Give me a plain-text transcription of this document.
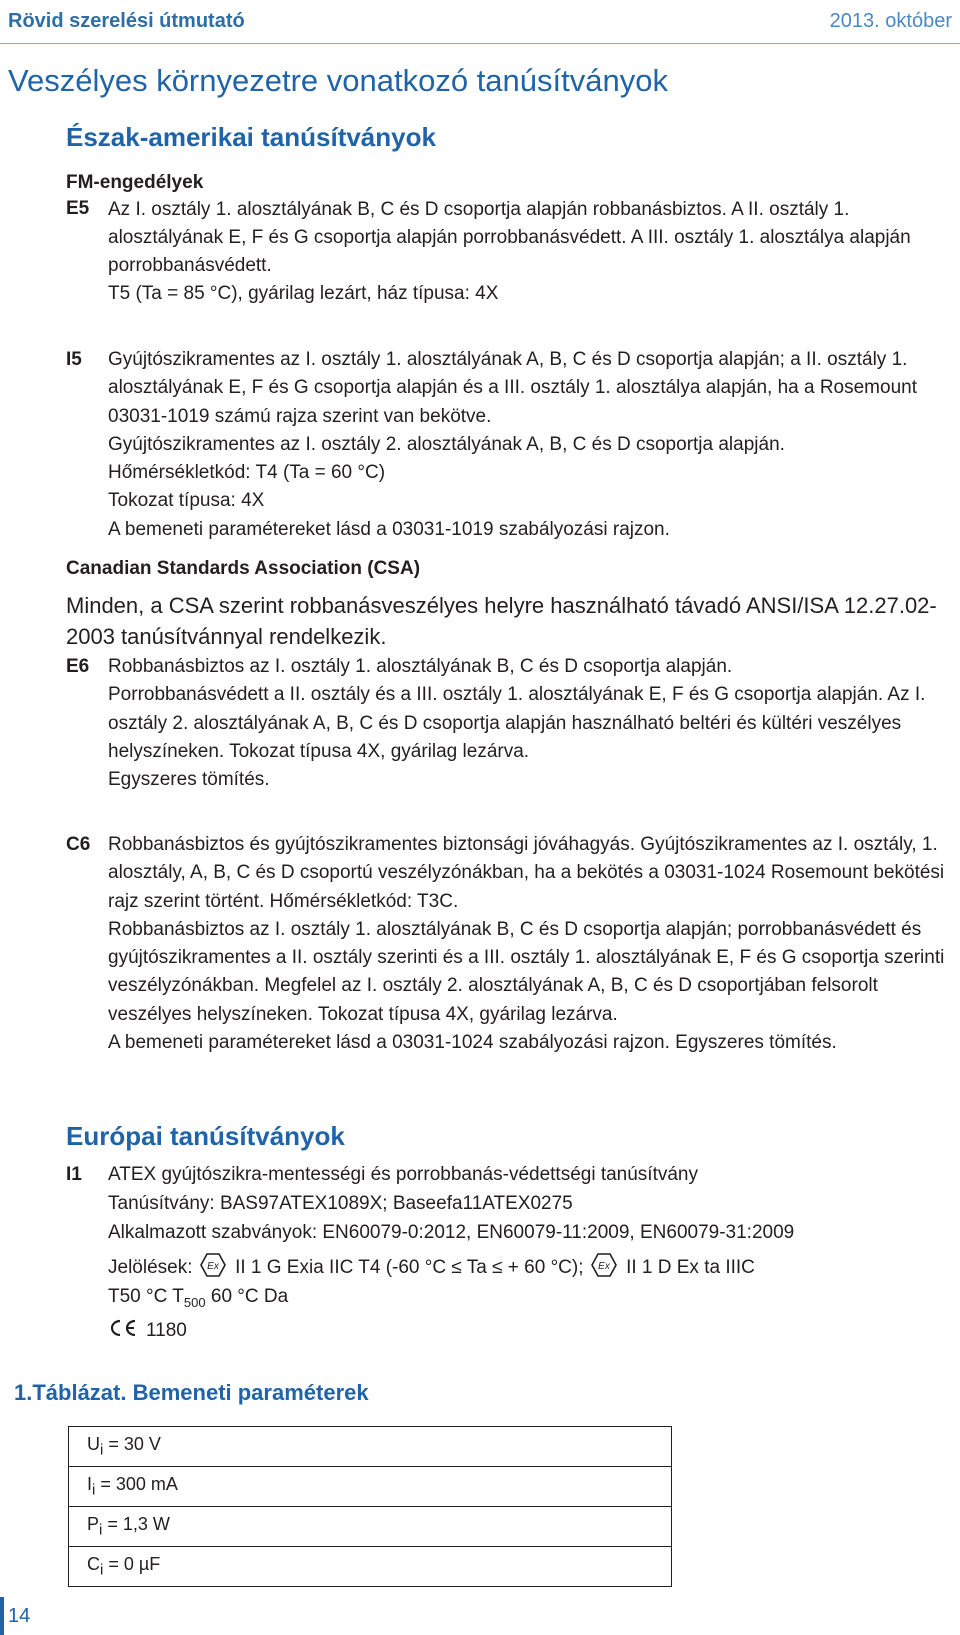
Rövid szerelési útmutató	2013. október
Veszélyes környezetre vonatkozó tanúsítványok
Észak-amerikai tanúsítványok
FM-engedélyek
E5 Az I. osztály 1. alosztályának B, C és D csoportja alapján robbanásbiztos. A II. osztály 1. alosztályának E, F és G csoportja alapján porrobbanásvédett. A III. osztály 1. alosztálya alapján porrobbanásvédett.
T5 (Ta = 85 °C), gyárilag lezárt, ház típusa: 4X
I5 Gyújtószikramentes az I. osztály 1. alosztályának A, B, C és D csoportja alapján; a II. osztály 1. alosztályának E, F és G csoportja alapján és a III. osztály 1. alosztálya alapján, ha a Rosemount 03031-1019 számú rajza szerint van bekötve.
Gyújtószikramentes az I. osztály 2. alosztályának A, B, C és D csoportja alapján.
Hőmérsékletkód: T4 (Ta = 60 °C)
Tokozat típusa: 4X
A bemeneti paramétereket lásd a 03031-1019 szabályozási rajzon.
Canadian Standards Association (CSA)
Minden, a CSA szerint robbanásveszélyes helyre használható távadó ANSI/ISA 12.27.02-2003 tanúsítvánnyal rendelkezik.
E6 Robbanásbiztos az I. osztály 1. alosztályának B, C és D csoportja alapján.
Porrobbanásvédett a II. osztály és a III. osztály 1. alosztályának E, F és G csoportja alapján. Az I. osztály 2. alosztályának A, B, C és D csoportja alapján használható beltéri és kültéri veszélyes helyszíneken. Tokozat típusa 4X, gyárilag lezárva.
Egyszeres tömítés.
C6 Robbanásbiztos és gyújtószikramentes biztonsági jóváhagyás. Gyújtószikramentes az I. osztály, 1. alosztály, A, B, C és D csoportú veszélyzónákban, ha a bekötés a 03031-1024 Rosemount bekötési rajz szerint történt. Hőmérsékletkód: T3C.
Robbanásbiztos az I. osztály 1. alosztályának B, C és D csoportja alapján; porrobbanásvédett és gyújtószikramentes a II. osztály szerinti és a III. osztály 1. alosztályának E, F és G csoportja szerinti veszélyzónákban. Megfelel az I. osztály 2. alosztályának A, B, C és D csoportjában felsorolt veszélyes helyszíneken. Tokozat típusa 4X, gyárilag lezárva.
A bemeneti paramétereket lásd a 03031-1024 szabályozási rajzon. Egyszeres tömítés.
Európai tanúsítványok
I1 ATEX gyújtószikra-mentességi és porrobbanás-védettségi tanúsítvány
Tanúsítvány: BAS97ATEX1089X; Baseefa11ATEX0275
Alkalmazott szabványok: EN60079-0:2012, EN60079-11:2009, EN60079-31:2009
Jelölések: Ex II 1 G Exia IIC T4 (-60 °C ≤ Ta ≤ + 60 °C); Ex II 1 D Ex ta IIIC
T50 °C $T_{500}$ 60 °C Da
1180
1.Táblázat. Bemeneti paraméterek
$U_i = 30$ V
$I_i = 300$ mA
$P_i = 1,3$ W
$C_i = 0$ µF
14
